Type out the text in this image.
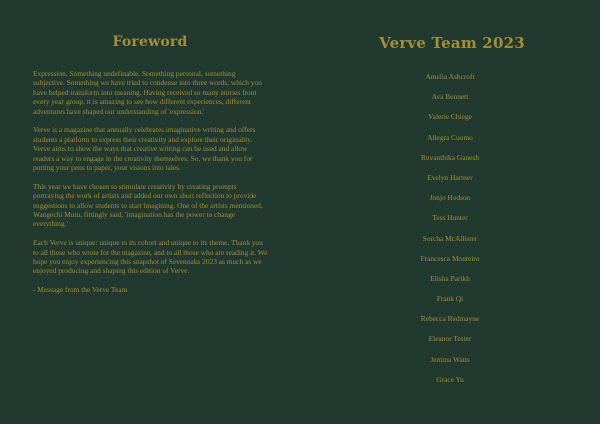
Foreword

Expression. Something undefinable. Something personal, something subjective. Something we have tried to condense into three words, which you have helped transform into meaning. Having received so many entries from every year group, it is amazing to see how different experiences, different adventures have shaped our understanding of 'expression.'

Verve is a magazine that annually celebrates imaginative writing and offers students a platform to express their creativity and explore their originality. Verve aims to show the ways that creative writing can be used and allow readers a way to engage in the creativity themselves. So, we thank you for putting your pens to paper, your visions into tales.

This year we have chosen to stimulate creativity by creating prompts portraying the work of artists and added our own short reflection to provide suggestions to allow students to start imagining. One of the artists mentioned, Wangechi Mutu, fittingly said, 'imagination has the power to change everything.'

Each Verve is unique: unique to its cohort and unique to its theme. Thank you to all those who wrote for the magazine, and to all those who are reading it. We hope you enjoy experiencing this snapshot of Sevenoaks 2023 as much as we enjoyed producing and shaping this edition of Verve.

- Message from the Verve Team

Verve Team 2023
Amelia Ashcroft
Ava Bennett
Valerie Chiege
Allegra Cuomo
Ruvanthika Ganesh
Evelyn Harmer
Jonjo Hodson
Tess Hunter
Sorcha McAllister
Francesca Monteiro
Elisha Parikh
Frank Qi
Rebecca Redmayne
Eleanor Tester
Jemma Watts
Grace Yu
